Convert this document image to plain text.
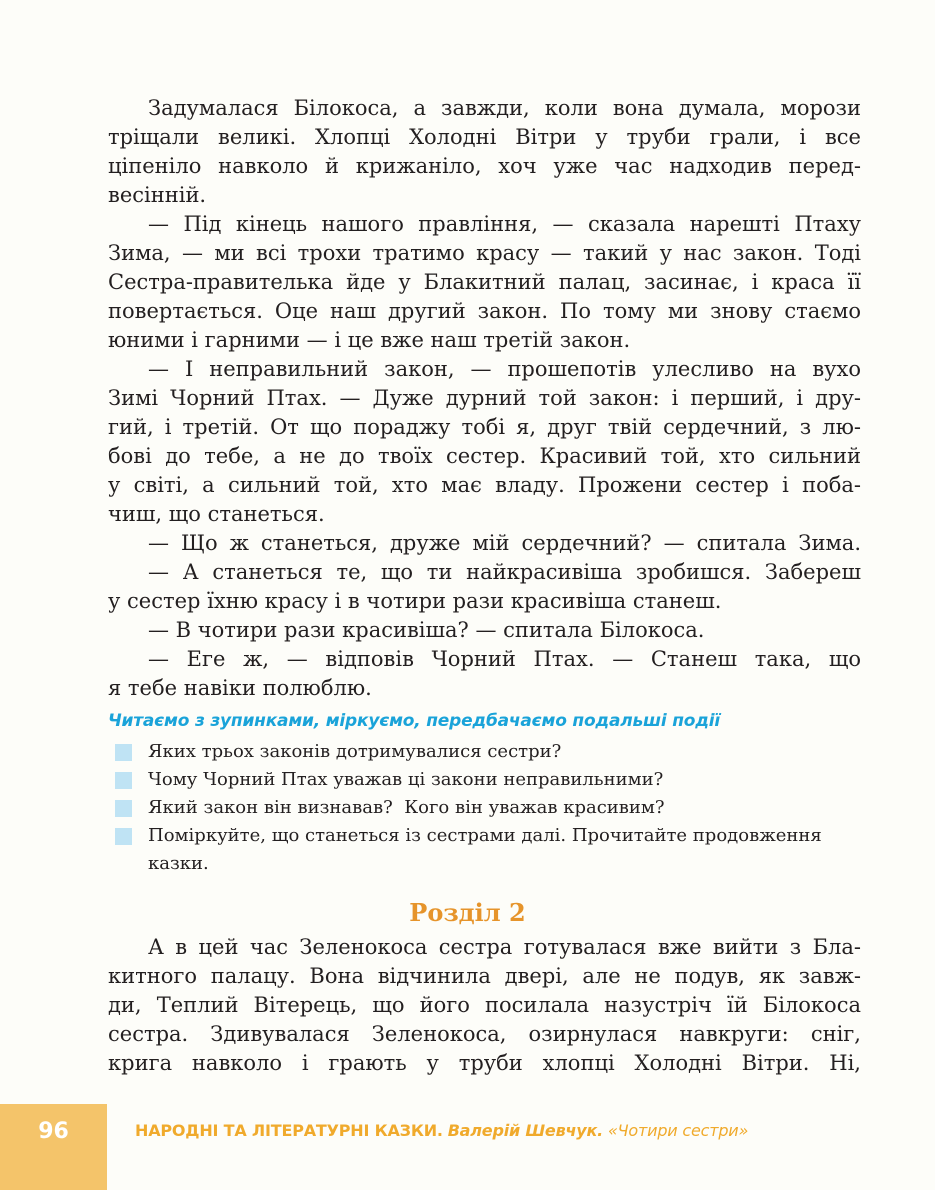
Задумалася Білокоса, а завжди, коли вона думала, морози

тріщали великі. Хлопці Холодні Вітри у труби грали, і все

ціпеніло навколо й крижаніло, хоч уже час надходив перед-

весінній.

— Під кінець нашого правління, — сказала нарешті Птаху

Зима, — ми всі трохи тратимо красу — такий у нас закон. Тоді

Сестра-правителька йде у Блакитний палац, засинає, і краса її

повертається. Оце наш другий закон. По тому ми знову стаємо

юними і гарними — і це вже наш третій закон.

— І неправильний закон, — прошепотів улесливо на вухо

Зимі Чорний Птах. — Дуже дурний той закон: і перший, і дру-

гий, і третій. От що пораджу тобі я, друг твій сердечний, з лю-

бові до тебе, а не до твоїх сестер. Красивий той, хто сильний

у світі, а сильний той, хто має владу. Прожени сестер і поба-

чиш, що станеться.

— Що ж станеться, друже мій сердечний? — спитала Зима.

— А станеться те, що ти найкрасивіша зробишся. Забереш

у сестер їхню красу і в чотири рази красивіша станеш.

— В чотири рази красивіша? — спитала Білокоса.

— Еге ж, — відповів Чорний Птах. — Станеш така, що

я тебе навіки полюблю.

Читаємо з зупинками, міркуємо, передбачаємо подальші події
Яких трьох законів дотримувалися сестри?
Чому Чорний Птах уважав ці закони неправильними?
Який закон він визнавав?  Кого він уважав красивим?
Поміркуйте, що станеться із сестрами далі. Прочитайте продовження
казки.
Розділ 2

А в цей час Зеленокоса сестра готувалася вже вийти з Бла-

китного палацу. Вона відчинила двері, але не подув, як завж-

ди, Теплий Вітерець, що його посилала назустріч їй Білокоса

сестра. Здивувалася Зеленокоса, озирнулася навкруги: сніг,

крига навколо і грають у труби хлопці Холодні Вітри. Ні,

96	НАРОДНІ ТА ЛІТЕРАТУРНІ КАЗКИ. Валерій Шевчук. «Чотири сестри»
